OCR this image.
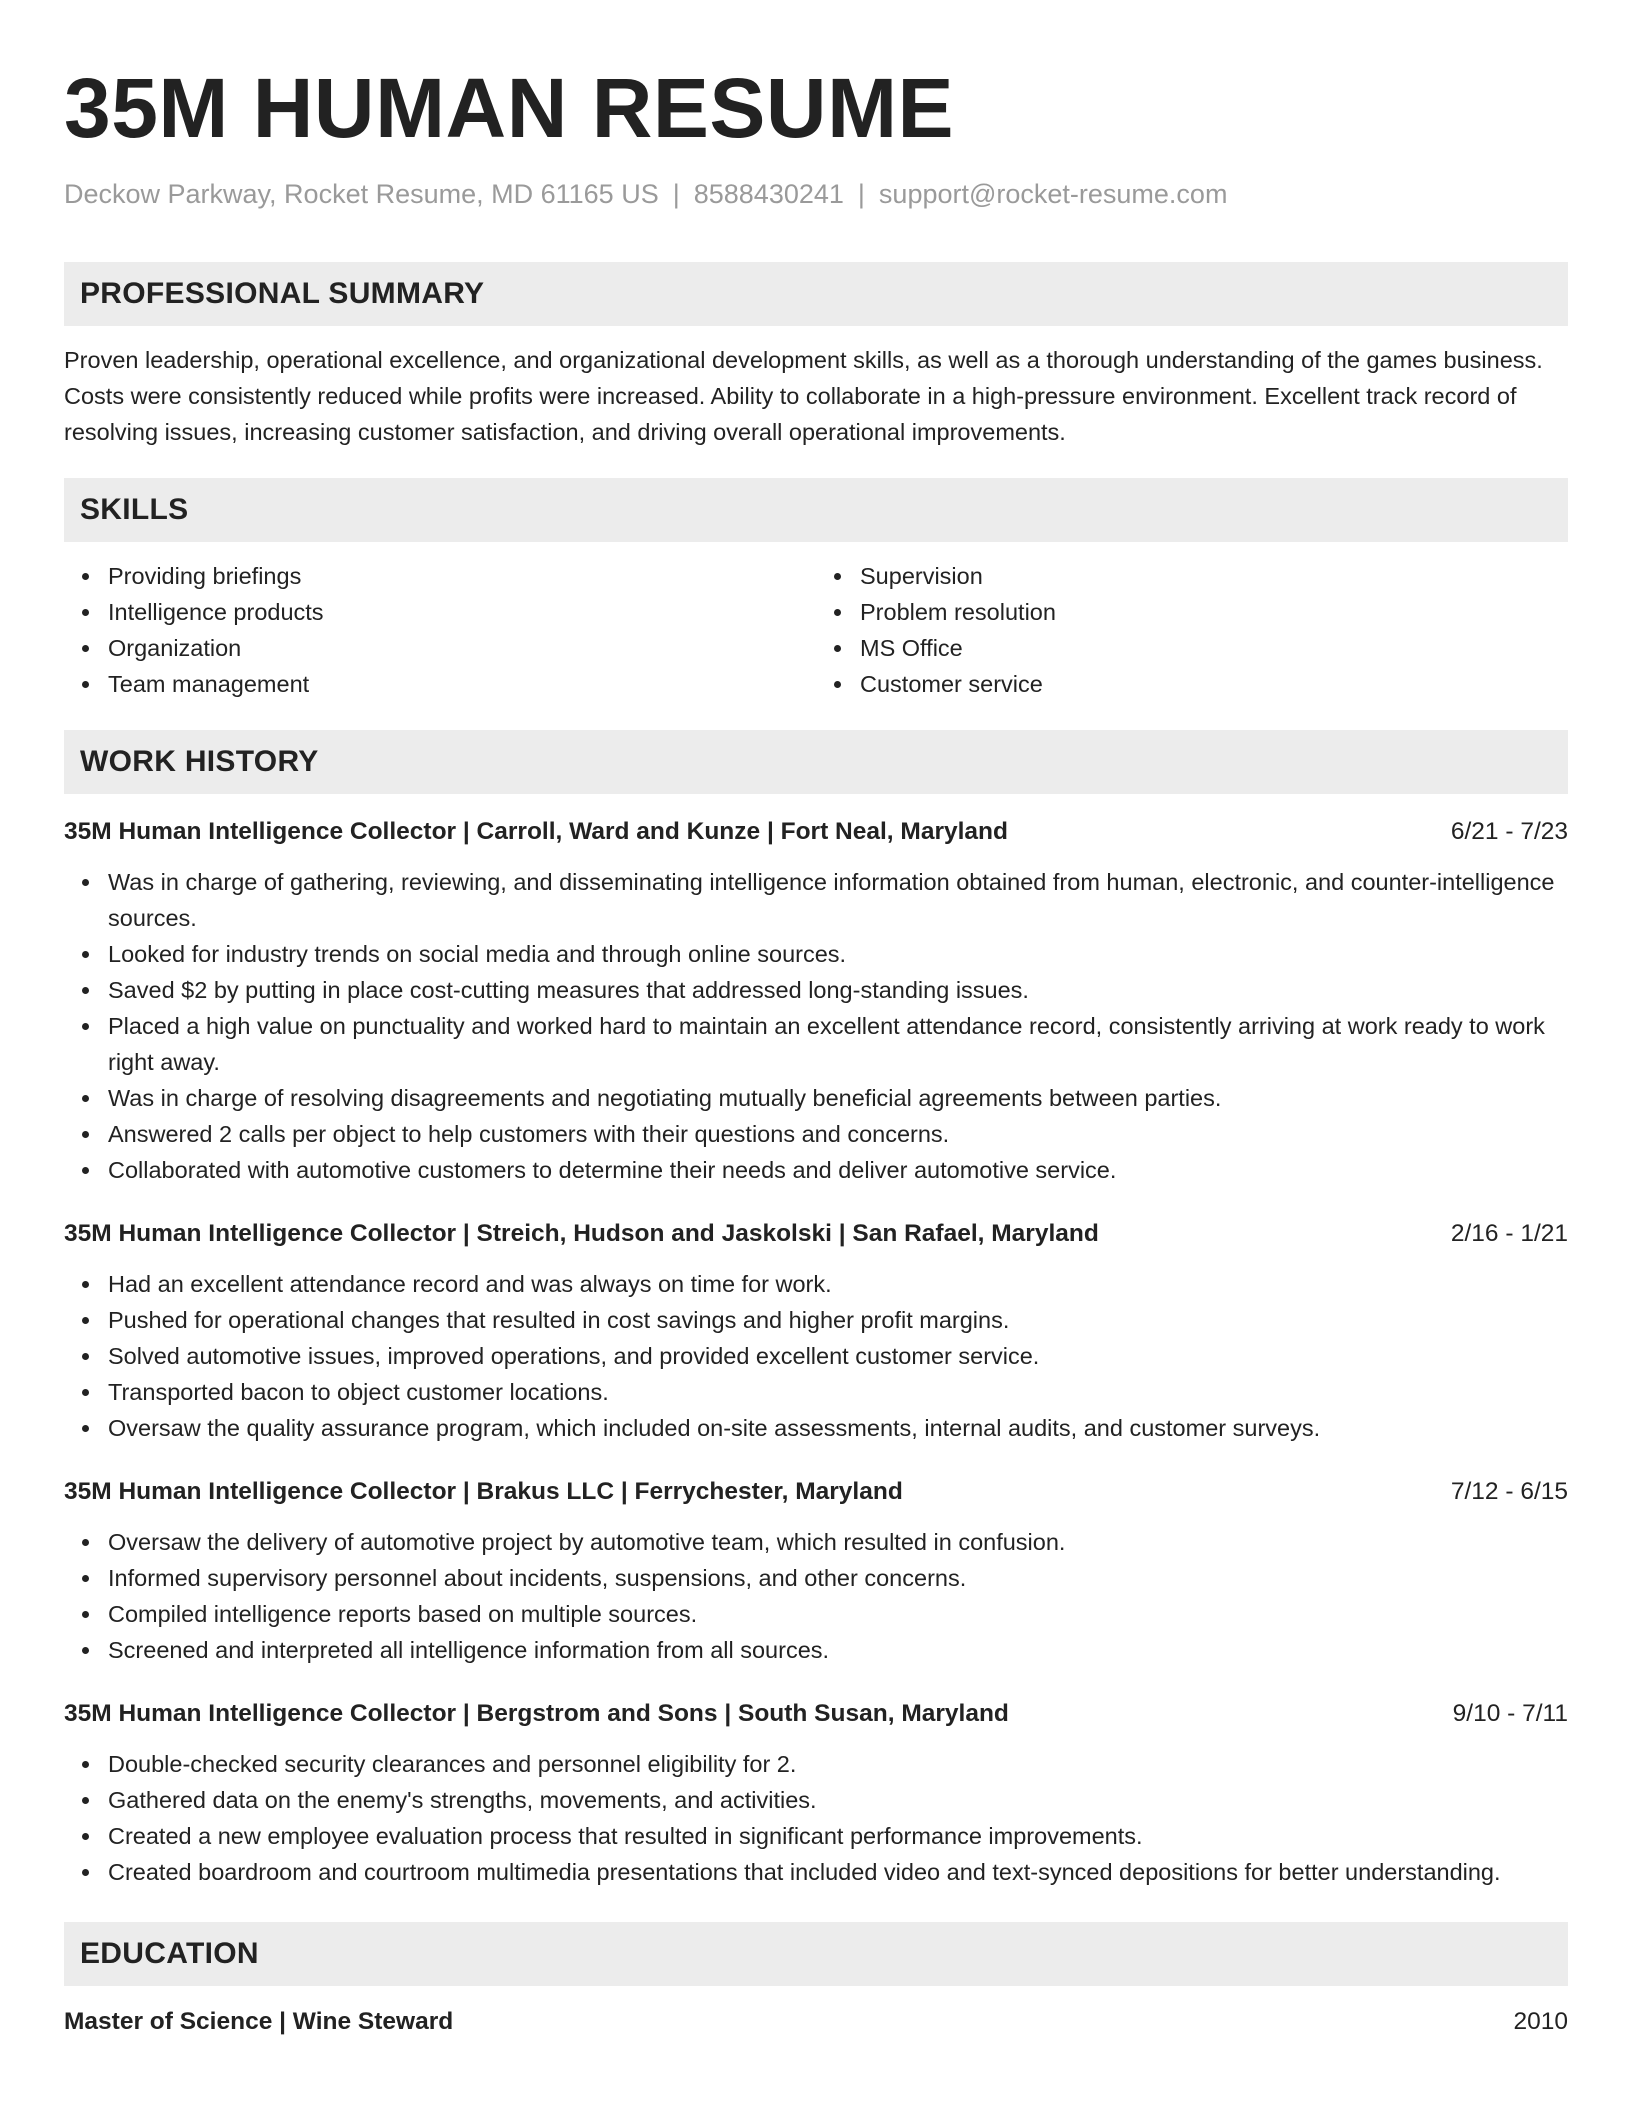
35M HUMAN RESUME
Deckow Parkway, Rocket Resume, MD 61165 US | 8588430241 | support@rocket-resume.com
PROFESSIONAL SUMMARY
Proven leadership, operational excellence, and organizational development skills, as well as a thorough understanding of the games business. Costs were consistently reduced while profits were increased. Ability to collaborate in a high-pressure environment. Excellent track record of resolving issues, increasing customer satisfaction, and driving overall operational improvements.
SKILLS
Providing briefings
Intelligence products
Organization
Team management
Supervision
Problem resolution
MS Office
Customer service
WORK HISTORY
35M Human Intelligence Collector | Carroll, Ward and Kunze | Fort Neal, Maryland	6/21 - 7/23
Was in charge of gathering, reviewing, and disseminating intelligence information obtained from human, electronic, and counter-intelligence sources.
Looked for industry trends on social media and through online sources.
Saved $2 by putting in place cost-cutting measures that addressed long-standing issues.
Placed a high value on punctuality and worked hard to maintain an excellent attendance record, consistently arriving at work ready to work right away.
Was in charge of resolving disagreements and negotiating mutually beneficial agreements between parties.
Answered 2 calls per object to help customers with their questions and concerns.
Collaborated with automotive customers to determine their needs and deliver automotive service.
35M Human Intelligence Collector | Streich, Hudson and Jaskolski | San Rafael, Maryland	2/16 - 1/21
Had an excellent attendance record and was always on time for work.
Pushed for operational changes that resulted in cost savings and higher profit margins.
Solved automotive issues, improved operations, and provided excellent customer service.
Transported bacon to object customer locations.
Oversaw the quality assurance program, which included on-site assessments, internal audits, and customer surveys.
35M Human Intelligence Collector | Brakus LLC | Ferrychester, Maryland	7/12 - 6/15
Oversaw the delivery of automotive project by automotive team, which resulted in confusion.
Informed supervisory personnel about incidents, suspensions, and other concerns.
Compiled intelligence reports based on multiple sources.
Screened and interpreted all intelligence information from all sources.
35M Human Intelligence Collector | Bergstrom and Sons | South Susan, Maryland	9/10 - 7/11
Double-checked security clearances and personnel eligibility for 2.
Gathered data on the enemy's strengths, movements, and activities.
Created a new employee evaluation process that resulted in significant performance improvements.
Created boardroom and courtroom multimedia presentations that included video and text-synced depositions for better understanding.
EDUCATION
Master of Science | Wine Steward	2010
